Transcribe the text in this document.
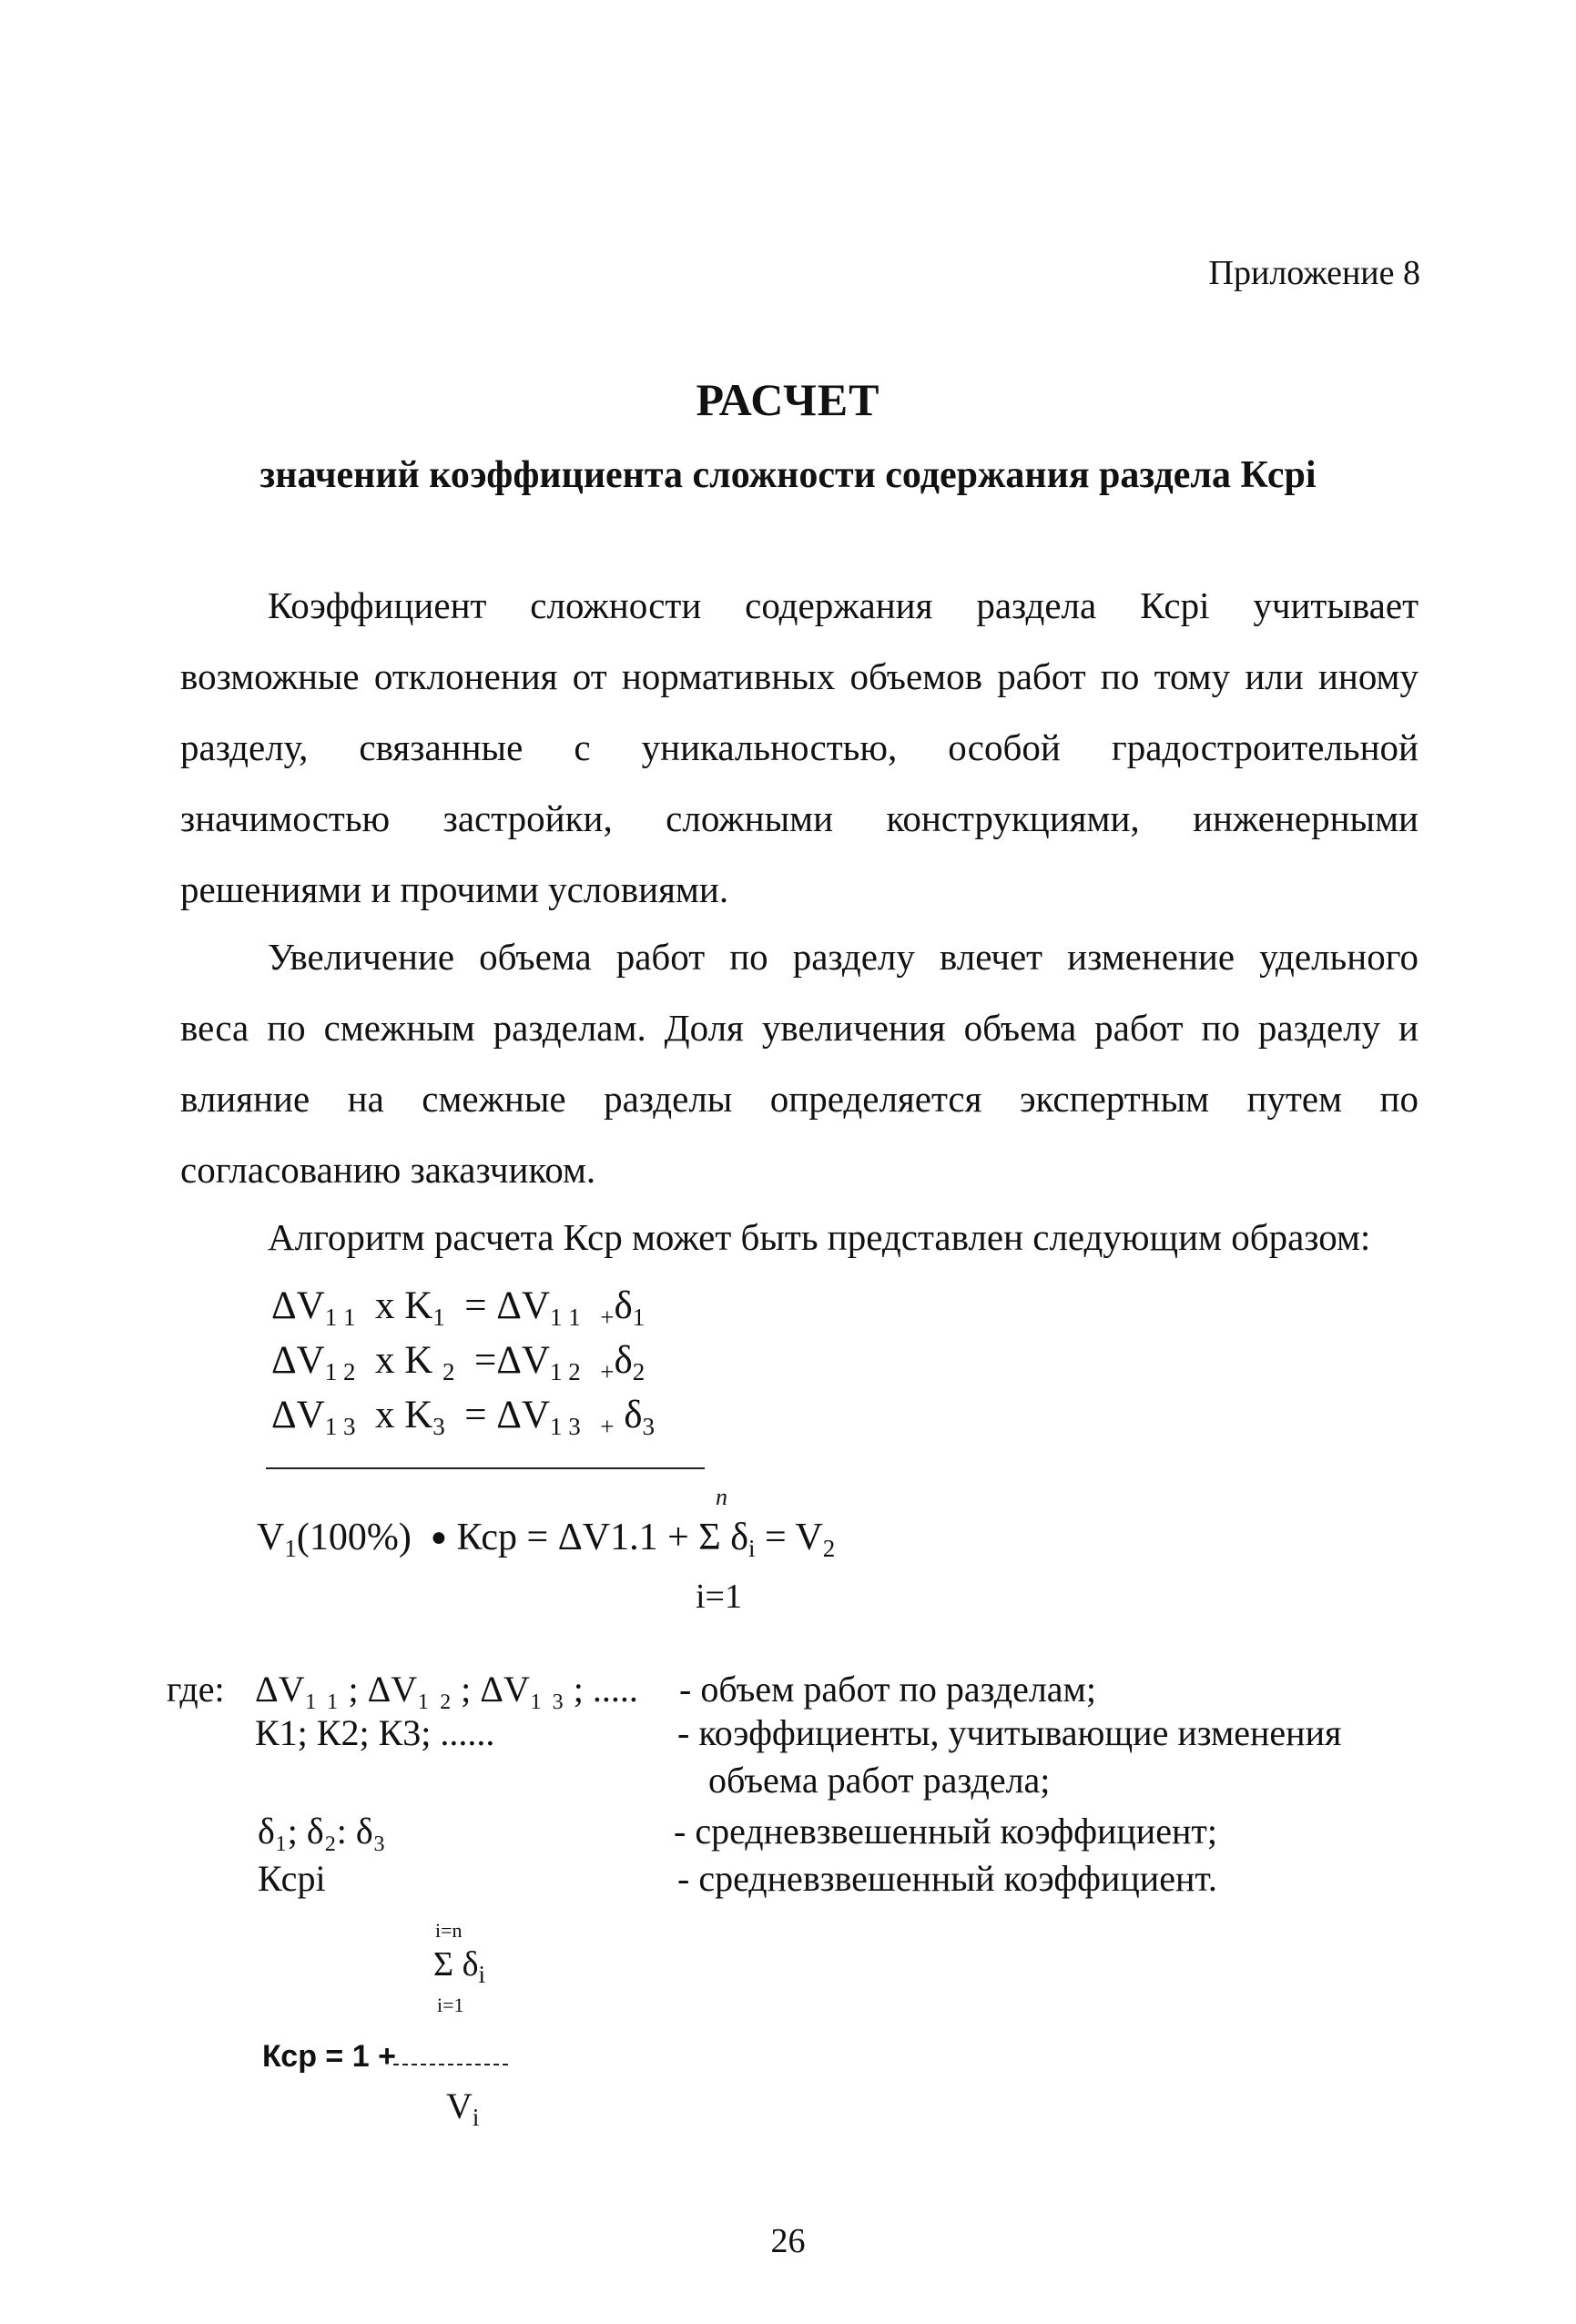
Приложение 8
РАСЧЕТ
значений коэффициента сложности содержания раздела Ксрi
Коэффициент сложности содержания раздела Ксрi учитывает
возможные отклонения от нормативных объемов работ по тому или иному
разделу, связанные с уникальностью, особой градостроительной
значимостью застройки, сложными конструкциями, инженерными
решениями и прочими условиями.
Увеличение объема работ по разделу влечет изменение удельного
веса по смежным разделам. Доля увеличения объема работ по разделу и
влияние на смежные разделы определяется экспертным путем по
согласованию заказчиком.
Алгоритм расчета Кср может быть представлен следующим образом:
$\Delta V_{1 1}$  x $K_1 = \Delta V_{1 1}$ $_+\delta_1$
$\Delta V_{1 2}$  x K $_2 =\Delta V_{1 2}$ $_+\delta_2$
$\Delta V_{1 3}$  x $K_3 = \Delta V_{1 3}$ $_+$ $\delta_3$
n
$V_1(100\%)$ ● Кср = ΔV1.1 + Σ $\delta_i = V_2$
i=1
где: ΔV₁ ₁ ; ΔV₁ ₂ ; ΔV₁ ₃ ; ..... - объем работ по разделам;
К1; К2; К3; ......	- коэффициенты, учитывающие изменения
объема работ раздела;
δ₁; δ₂: δ₃	- средневзвешенный коэффициент;
Ксрi	- средневзвешенный коэффициент.
i=n
Σ $\delta_i$
i=1
Кср = 1 +
$V_i$
26
